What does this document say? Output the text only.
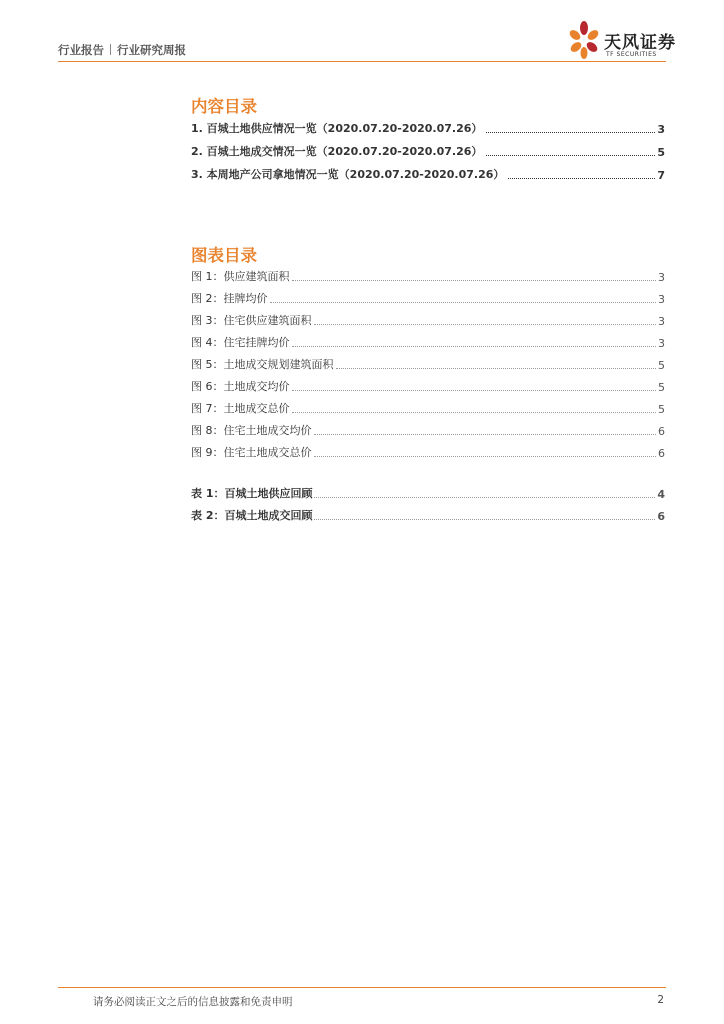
行业报告 行业研究周报	天风证券
TF SECURITIES
内容目录
1. 百城土地供应情况一览（2020.07.20-2020.07.26）	3
2. 百城土地成交情况一览（2020.07.20-2020.07.26）	5
3. 本周地产公司拿地情况一览（2020.07.20-2020.07.26）	7
图表目录
图 1：供应建筑面积	3
图 2：挂牌均价	3
图 3：住宅供应建筑面积	3
图 4：住宅挂牌均价	3
图 5：土地成交规划建筑面积	5
图 6：土地成交均价	5
图 7：土地成交总价	5
图 8：住宅土地成交均价	6
图 9：住宅土地成交总价	6
表 1：百城土地供应回顾	4
表 2：百城土地成交回顾	6
请务必阅读正文之后的信息披露和免责申明	2
